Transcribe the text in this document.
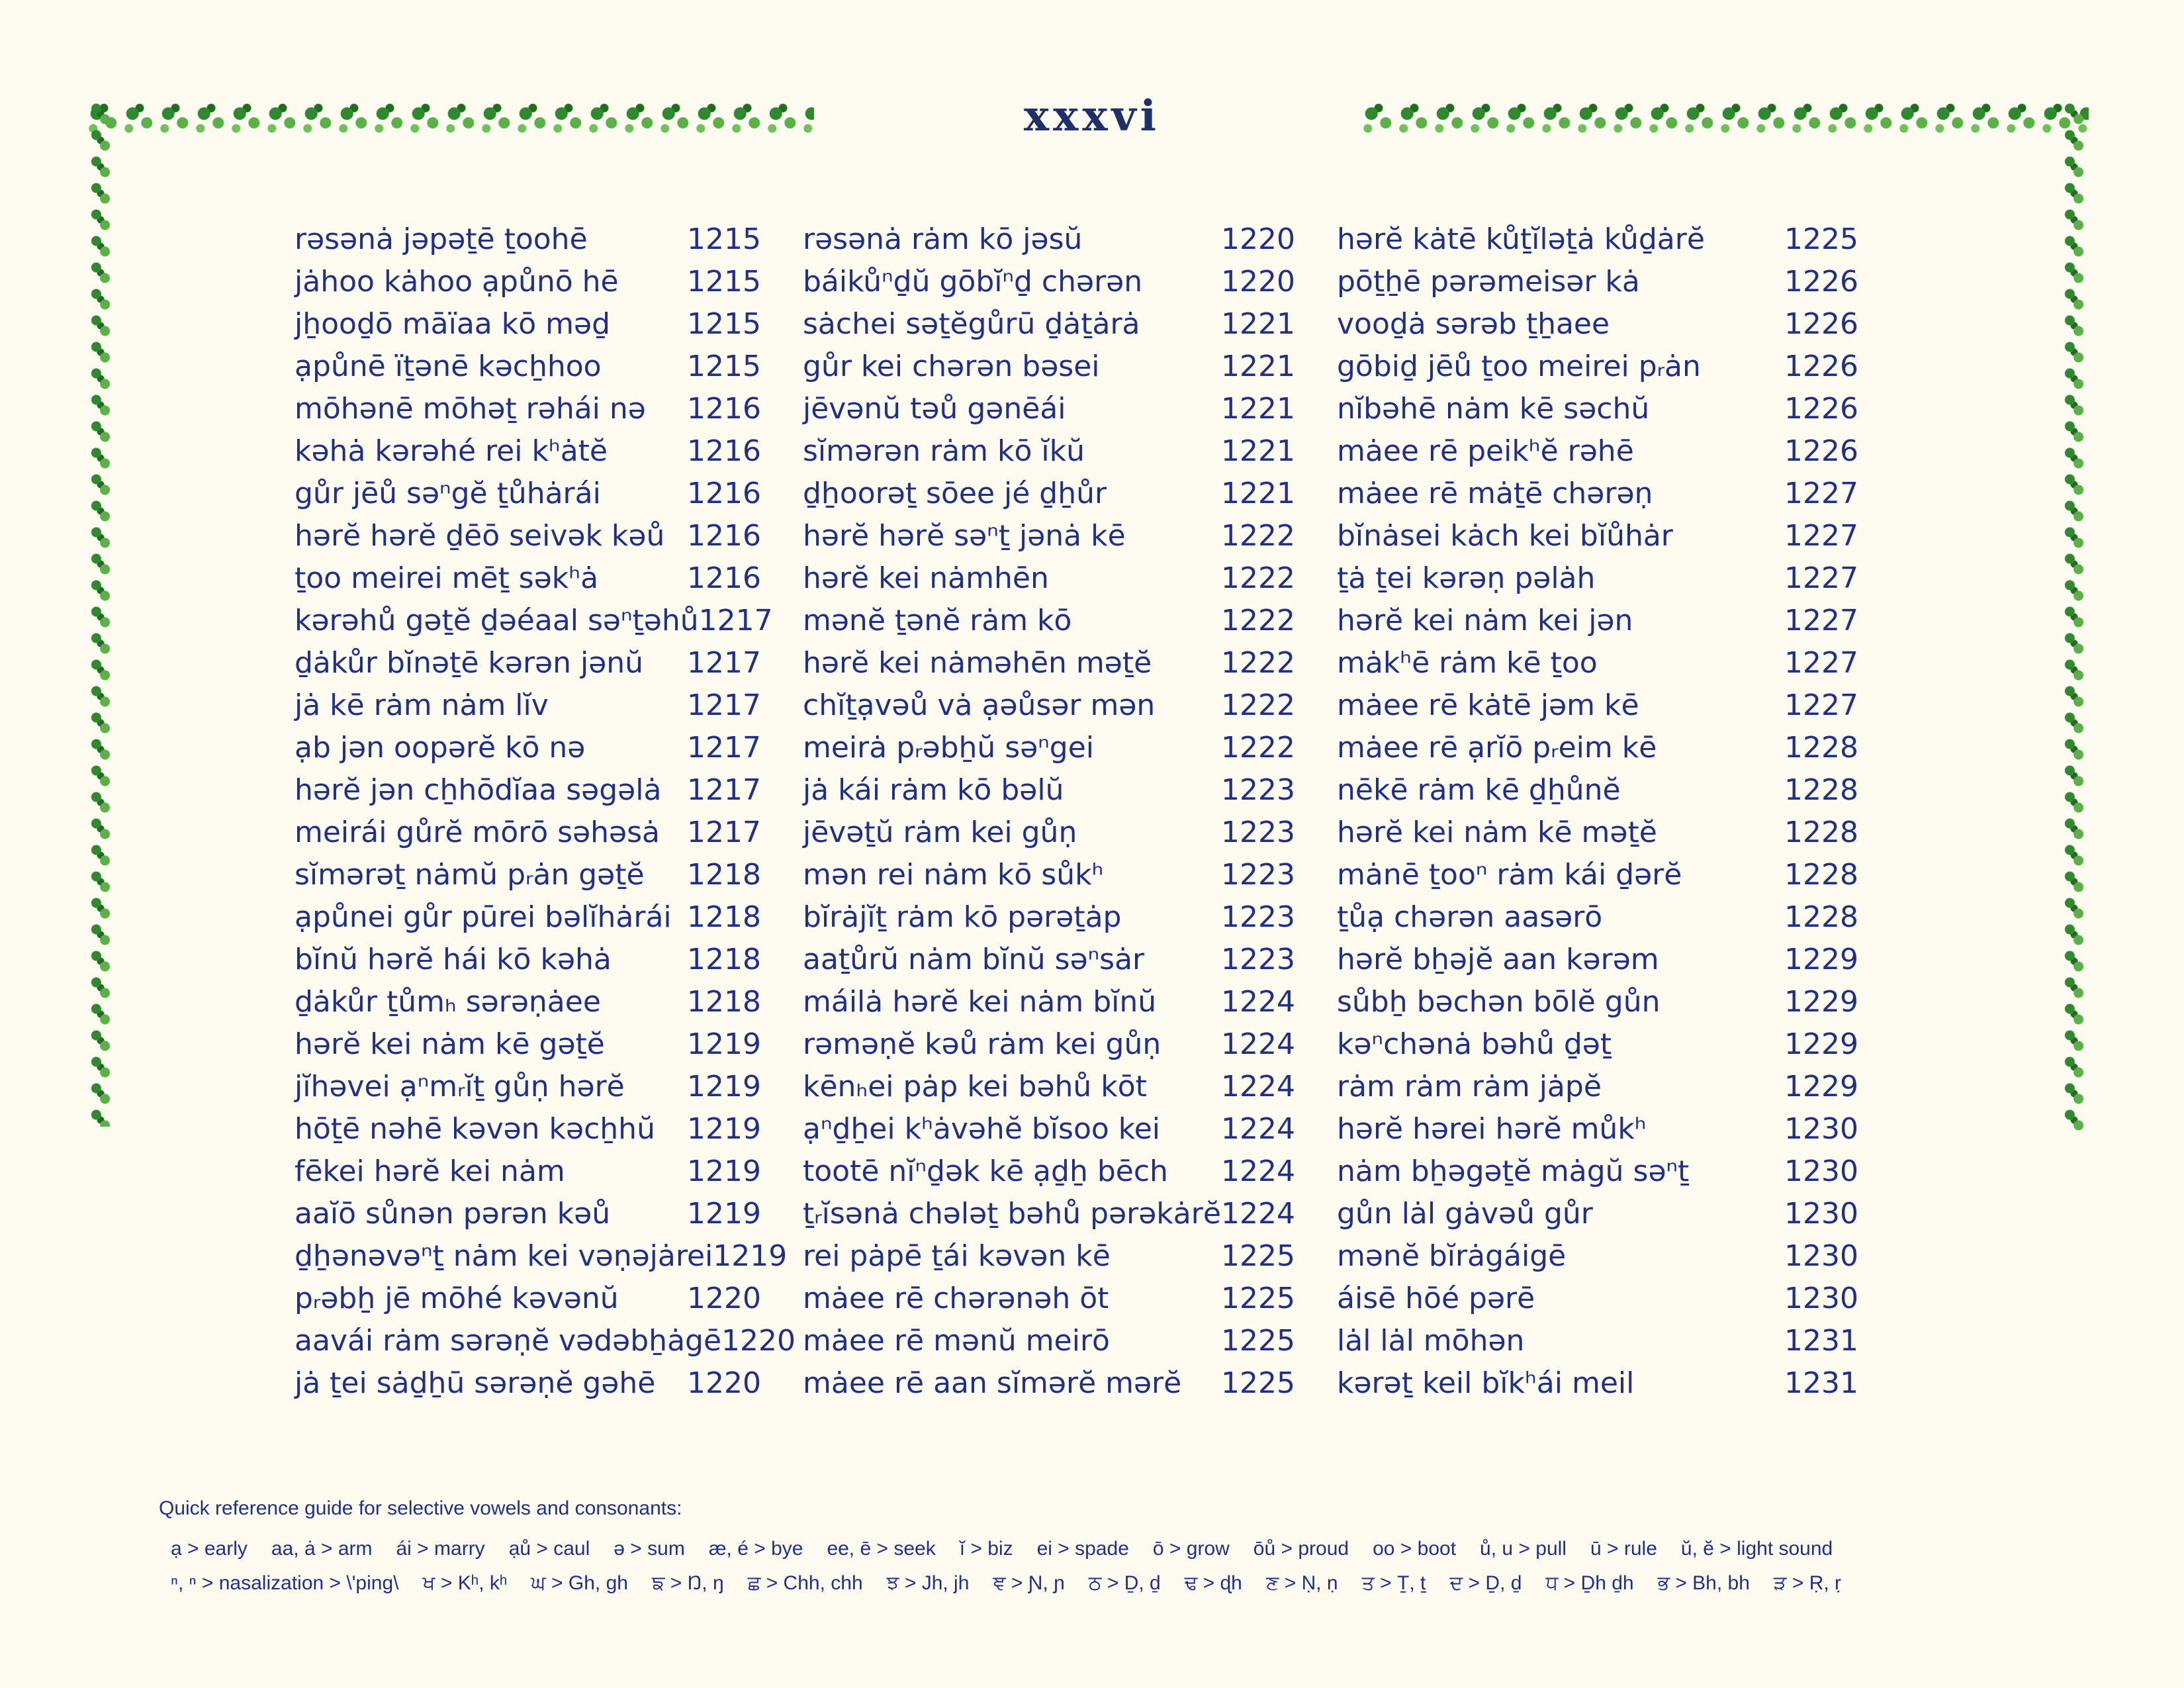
xxxvi
rəsənȧ jəpəṯē ṯoohē	1215
jȧhoo kȧhoo ạpůnō hē 1215
jẖooḏō māïaa kō məḏ	1215
ạpůnē ïṯənē kəcẖhoo	1215
mōhənē mōhəṯ rəhái nə 1216
kəhȧ kərəhé rei kʰȧtĕ	1216
gůr jēů səⁿgĕ ṯůhȧrái	1216
hərĕ hərĕ ḏēō seivək kəů 1216
ṯoo meirei mēṯ səkʰȧ	1216
kərəhů gəṯĕ ḏəéaal səⁿṯəhů 1217
ḏȧkůr bĭnəṯē kərən jənŭ 1217
jȧ kē rȧm nȧm lĭv	1217
ạb jən oopərĕ kō nə	1217
hərĕ jən cẖhōdĭaa səgəlȧ 1217
meirái gůrĕ mōrō səhəsȧ 1217
sĭmərəṯ nȧmŭ pᵣȧn gəṯĕ 1218
ạpůnei gůr pūrei bəlĭhȧrái 1218
bĭnŭ hərĕ hái kō kəhȧ	1218
ḏȧkůr ṯůmₕ sərəṇȧee	1218
hərĕ kei nȧm kē gəṯĕ	1219
jĭhəvei ạⁿmᵣĭṯ gůṇ hərĕ 1219
hōṯē nəhē kəvən kəcẖhŭ 1219
fēkei hərĕ kei nȧm	1219
aaĭō sůnən pərən kəů	1219
ḏẖənəvəⁿṯ nȧm kei vəṇəjȧrei 1219
pᵣəbẖ jē mōhé kəvənŭ 1220
aavái rȧm sərəṇĕ vədəbẖȧgē 1220
jȧ ṯei sȧḏẖū sərəṇĕ gəhē 1220
rəsənȧ rȧm kō jəsŭ	1220
báikůⁿḏŭ gōbĭⁿḏ chərən	1220
sȧchei səṯĕgůrū ḏȧṯȧrȧ	1221
gůr kei chərən bəsei	1221
jēvənŭ təů gənēái	1221
sĭmərən rȧm kō ĭkŭ	1221
ḏẖoorəṯ sōee jé ḏẖůr	1221
hərĕ hərĕ səⁿṯ jənȧ kē	1222
hərĕ kei nȧmhēn	1222
mənĕ ṯənĕ rȧm kō	1222
hərĕ kei nȧməhēn məṯĕ 1222
chĭṯạvəů vȧ ạəůsər mən 1222
meirȧ pᵣəbẖŭ səⁿgei	1222
jȧ kái rȧm kō bəlŭ	1223
jēvəṯŭ rȧm kei gůṇ	1223
mən rei nȧm kō sůkʰ	1223
bĭrȧjĭṯ rȧm kō pərəṯȧp	1223
aaṯůrŭ nȧm bĭnŭ səⁿsȧr	1223
máilȧ hərĕ kei nȧm bĭnŭ 1224
rəməṇĕ kəů rȧm kei gůṇ 1224
kēnₕei pȧp kei bəhů kōt	1224
ạⁿḏẖei kʰȧvəhĕ bĭsoo kei 1224
tootē nĭⁿḏək kē ạḏẖ bēch 1224
ṯᵣĭsənȧ chələṯ bəhů pərəkȧrĕ 1224
rei pȧpē ṯái kəvən kē	1225
mȧee rē chərənəh ōt	1225
mȧee rē mənŭ meirō	1225
mȧee rē aan sĭmərĕ mərĕ 1225
hərĕ kȧtē kůṯĭləṯȧ kůḏȧrĕ	1225
pōṯẖē pərəmeisər kȧ	1226
vooḏȧ sərəb ṯẖaee	1226
gōbiḏ jēů ṯoo meirei pᵣȧn	1226
nĭbəhē nȧm kē səchŭ	1226
mȧee rē peikʰĕ rəhē	1226
mȧee rē mȧṯē chərəṇ	1227
bĭnȧsei kȧch kei bĭůhȧr	1227
ṯȧ ṯei kərəṇ pəlȧh	1227
hərĕ kei nȧm kei jən	1227
mȧkʰē rȧm kē ṯoo	1227
mȧee rē kȧtē jəm kē	1227
mȧee rē ạrĭō pᵣeim kē	1228
nēkē rȧm kē ḏẖůnĕ	1228
hərĕ kei nȧm kē məṯĕ	1228
mȧnē ṯooⁿ rȧm kái ḏərĕ	1228
ṯůạ chərən aasərō	1228
hərĕ bẖəjĕ aan kərəm	1229
sůbẖ bəchən bōlĕ gůn	1229
kəⁿchənȧ bəhů ḏəṯ	1229
rȧm rȧm rȧm jȧpĕ	1229
hərĕ hərei hərĕ můkʰ	1230
nȧm bẖəgəṯĕ mȧgŭ səⁿṯ	1230
gůn lȧl gȧvəů gůr	1230
mənĕ bĭrȧgáigē	1230
áisē hōé pərē	1230
lȧl lȧl mōhən	1231
kərəṯ keil bĭkʰái meil	1231
Quick reference guide for selective vowels and consonants:
ạ > early aa, ȧ > arm ái > marry ạů > caul ə > sum æ, é > bye ee, ē > seek ĭ > biz ei > spade ō > grow ōů > proud oo > boot ů, u > pull ū > rule ŭ, ĕ > light sound
ⁿ, ⁿ > nasalization > \'ping\ ਖ > Kʰ, kʰ ਘ > Gh, gh ਙ > Ŋ, ŋ ਛ > Chh, chh ਝ > Jh, jh ਞ > Ɲ, ɲ ਠ > Ḏ, ḏ ਢ > ɖh ਣ > Ṇ, ṇ ਤ > Ṯ, ṯ ਦ > Ḏ, ḏ ਧ > Ḏh ḏh ਭ > Bh, bh ੜ > Ṛ, ṛ
